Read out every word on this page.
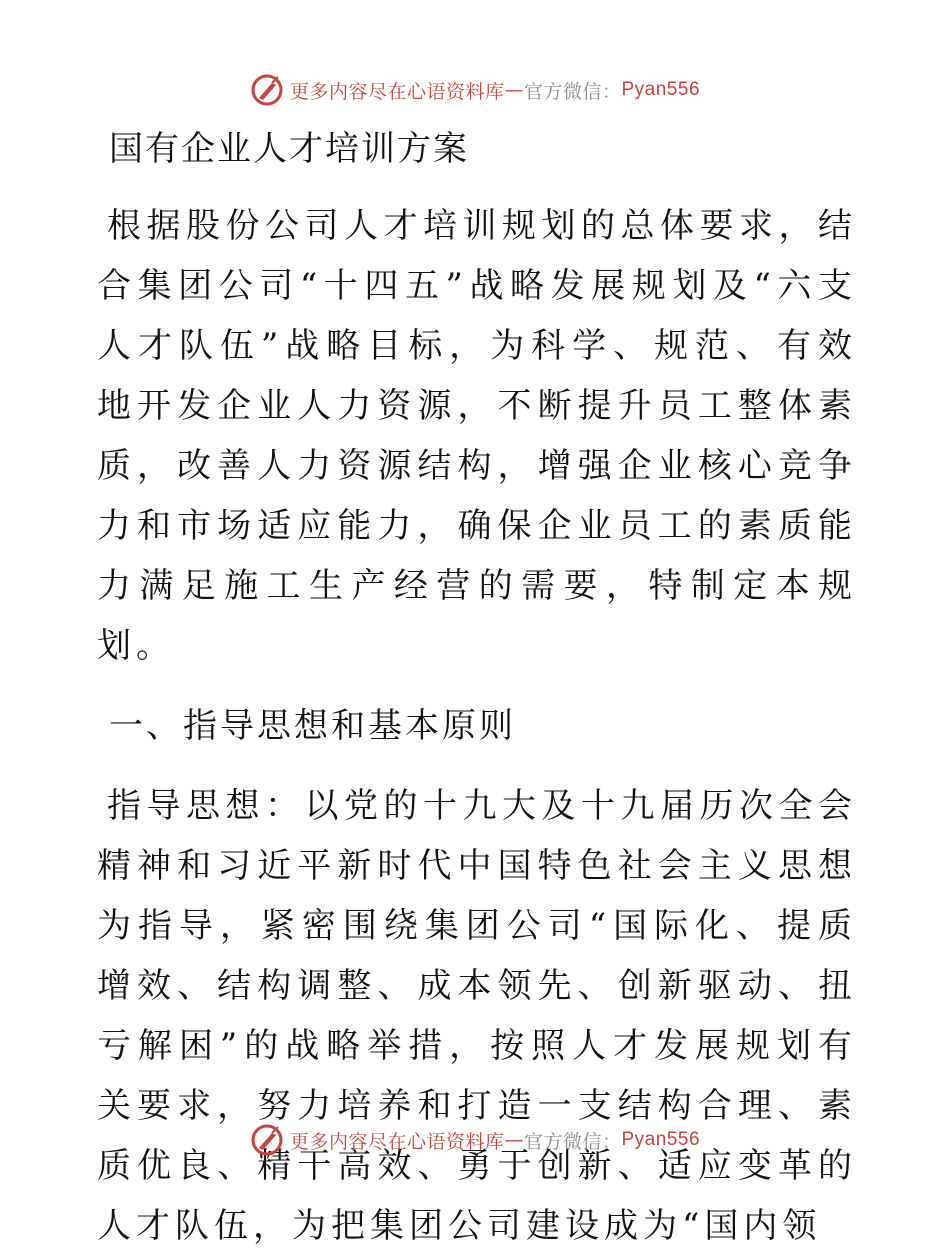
更多内容尽在心语资料库 — 官方微信： Pyan556
国有企业人才培训方案

根据股份公司人才培训规划的总体要求，结合集团公司“十四五”战略发展规划及“六支人才队伍”战略目标，为科学、规范、有效地开发企业人力资源，不断提升员工整体素质，改善人力资源结构，增强企业核心竞争力和市场适应能力，确保企业员工的素质能力满足施工生产经营的需要，特制定本规划。

一、指导思想和基本原则

指导思想：以党的十九大及十九届历次全会精神和习近平新时代中国特色社会主义思想为指导，紧密围绕集团公司“国际化、提质增效、结构调整、成本领先、创新驱动、扭亏解困”的战略举措，按照人才发展规划有关要求，努力培养和打造一支结构合理、素质优良、精干高效、勇于创新、适应变革的人才队伍，为把集团公司建设成为“国内领

更多内容尽在心语资料库 — 官方微信： Pyan556
